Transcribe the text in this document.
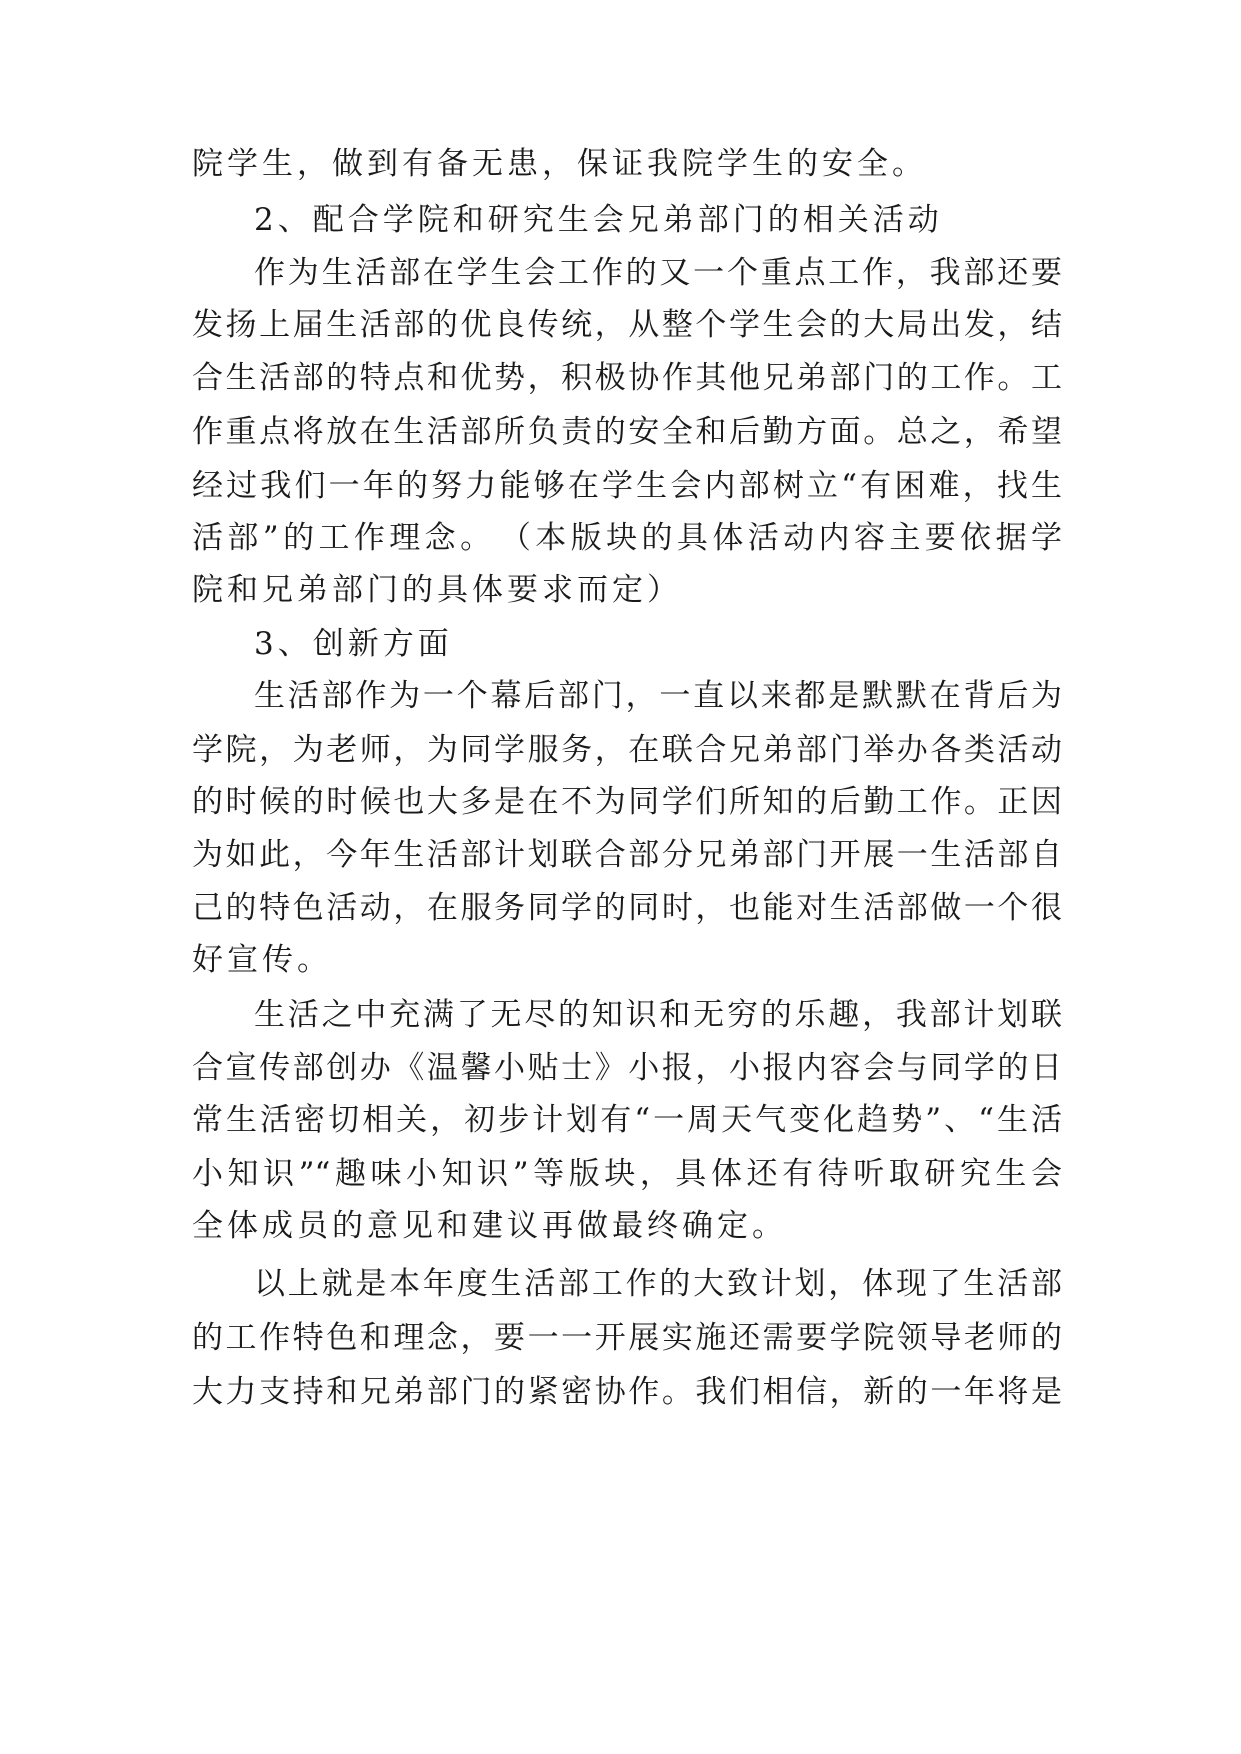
院学生，做到有备无患，保证我院学生的安全。
2、配合学院和研究生会兄弟部门的相关活动
作为生活部在学生会工作的又一个重点工作，我部还要
发扬上届生活部的优良传统，从整个学生会的大局出发，结
合生活部的特点和优势，积极协作其他兄弟部门的工作。工
作重点将放在生活部所负责的安全和后勤方面。总之，希望
经过我们一年的努力能够在学生会内部树立“有困难，找生
活部”的工作理念。　（本版块的具体活动内容主要依据学
院和兄弟部门的具体要求而定）
3、创新方面
生活部作为一个幕后部门，一直以来都是默默在背后为
学院，为老师，为同学服务，在联合兄弟部门举办各类活动
的时候的时候也大多是在不为同学们所知的后勤工作。正因
为如此，今年生活部计划联合部分兄弟部门开展一生活部自
己的特色活动，在服务同学的同时，也能对生活部做一个很
好宣传。
生活之中充满了无尽的知识和无穷的乐趣，我部计划联
合宣传部创办《温馨小贴士》小报，小报内容会与同学的日
常生活密切相关，初步计划有“一周天气变化趋势”、“生活
小知识”“趣味小知识”等版块，具体还有待听取研究生会
全体成员的意见和建议再做最终确定。
以上就是本年度生活部工作的大致计划，体现了生活部
的工作特色和理念，要一一开展实施还需要学院领导老师的
大力支持和兄弟部门的紧密协作。我们相信，新的一年将是
